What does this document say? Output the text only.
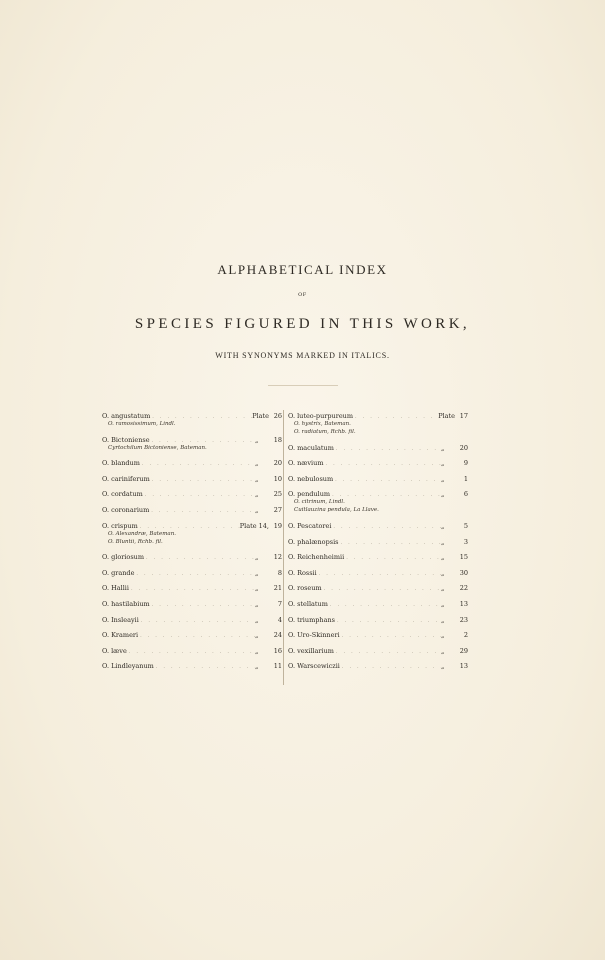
ALPHABETICAL INDEX
OF
SPECIES FIGURED IN THIS WORK,
WITH SYNONYMS MARKED IN ITALICS.
O. angustatum . . .	Plate 26
O. ramosissimum, Lindl.
O. Bictoniense . . .	„ 18
Cyrtochilum Bictoniense, Bateman.
O. blandum . . .	„ 20
O. cariniferum . . .	„ 10
O. cordatum . . .	„ 25
O. coronarium . . .	„ 27
O. crispum . . .	Plate 14, 19
O. Alexandræ, Bateman.
O. Bluntii, Rchb. fil.
O. gloriosum . . .	„ 12
O. grande . . .	„	8
O. Hallii . . .	„ 21
O. hastilabium . . .	„	7
O. Insleayii . . .	„	4
O. Krameri . . .	„ 24
O. læve . . .	„ 16
O. Lindleyanum . . .	„ 11
O. luteo-purpureum . . .	Plate 17
O. hystrix, Bateman.
O. radiatum, Rchb. fil.
O. maculatum . . .	„ 20
O. nævium . . .	„	9
O. nebulosum . . .	„	1
O. pendulum . . .	„	6
O. citrinum, Lindl.
Cuitlauzina pendula, La Llave.
O. Pescatorei . . .	„	5
O. phalænopsis . . .	„	3
O. Reichenheimii . . .	„ 15
O. Rossii . . .	„ 30
O. roseum . . .	„ 22
O. stellatum . . .	„ 13
O. triumphans . . .	„ 23
O. Uro-Skinneri . . .	„	2
O. vexillarium . . .	„ 29
O. Warscewiczii . . .	„ 13
